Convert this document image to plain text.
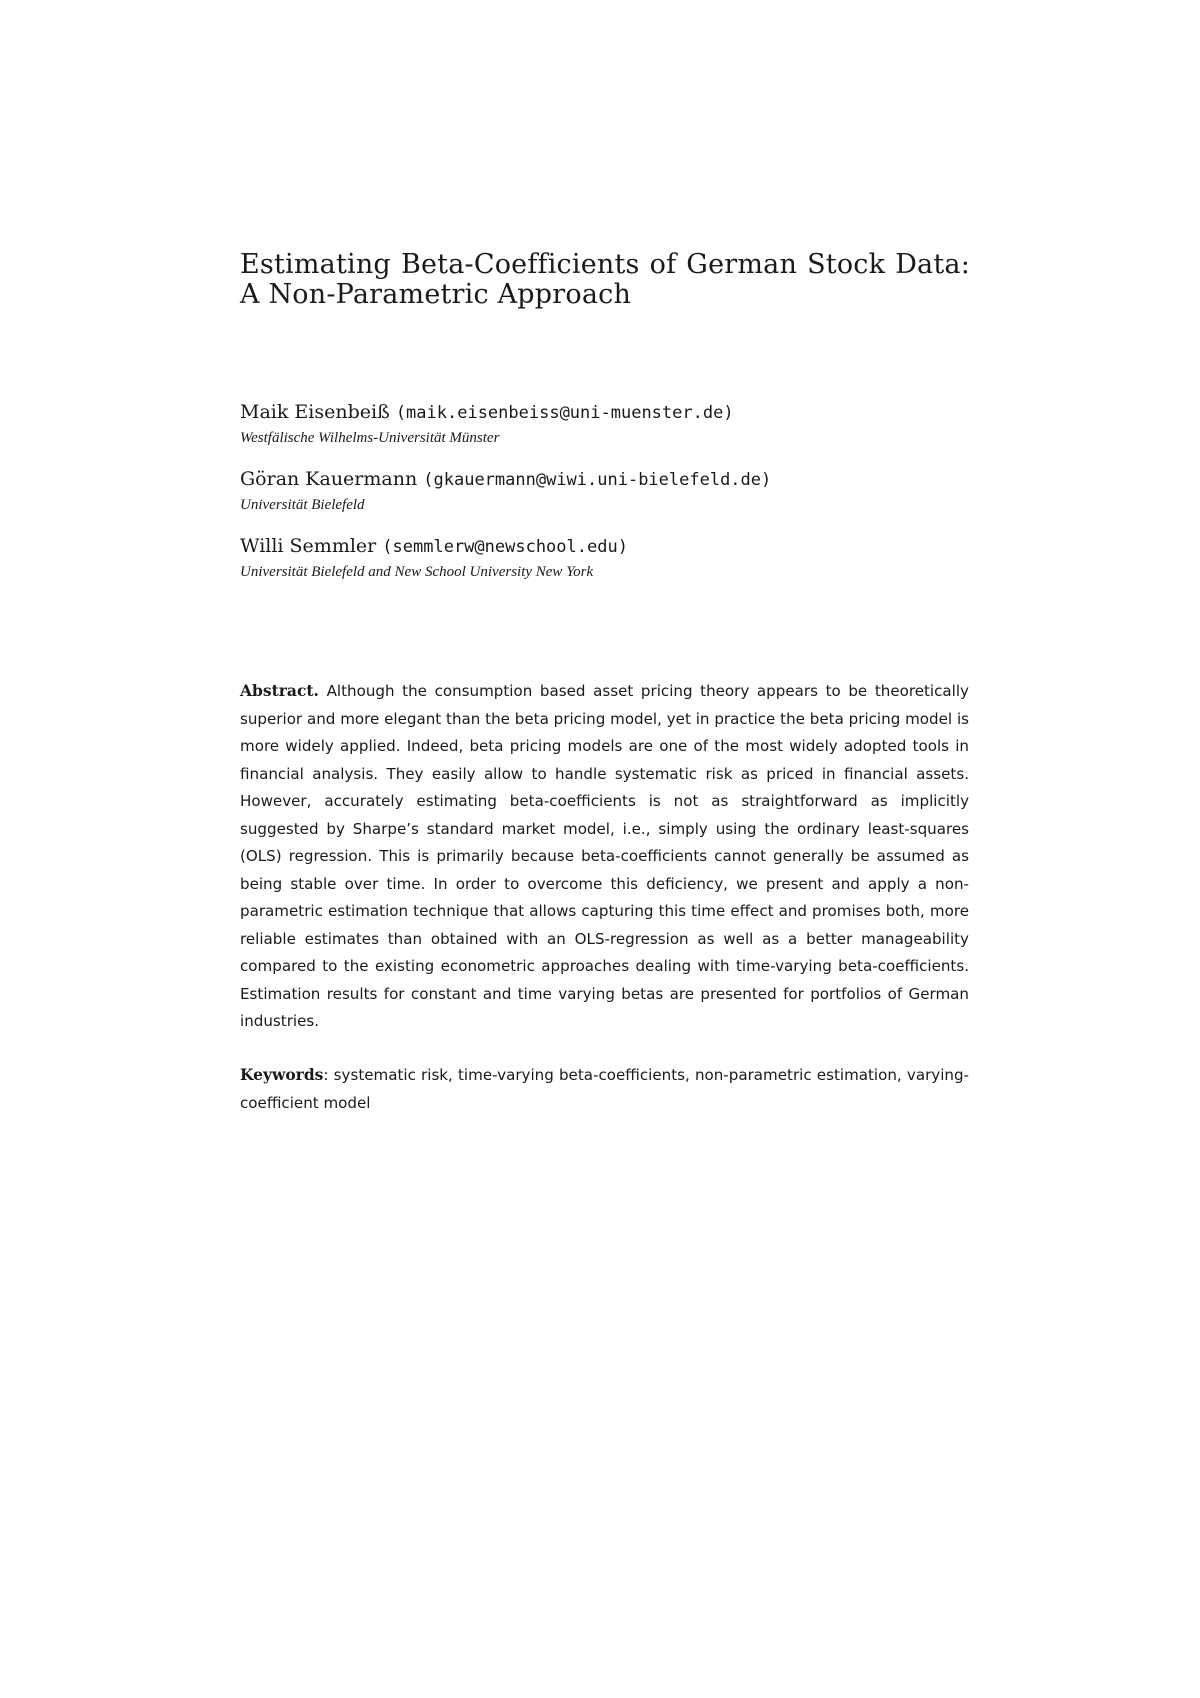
Estimating Beta-Coefficients of German Stock Data: A Non-Parametric Approach
Maik Eisenbeiß (maik.eisenbeiss@uni-muenster.de)
Westfälische Wilhelms-Universität Münster
Göran Kauermann (gkauermann@wiwi.uni-bielefeld.de)
Universität Bielefeld
Willi Semmler (semmlerw@newschool.edu)
Universität Bielefeld and New School University New York

Abstract. Although the consumption based asset pricing theory appears to be theoretically superior and more elegant than the beta pricing model, yet in practice the beta pricing model is more widely applied. Indeed, beta pricing models are one of the most widely adopted tools in financial analysis. They easily allow to handle systematic risk as priced in financial assets. However, accurately estimating beta-coefficients is not as straightforward as implicitly suggested by Sharpe’s standard market model, i.e., simply using the ordinary least-squares (OLS) regression. This is primarily because beta-coefficients cannot generally be assumed as being stable over time. In order to overcome this deficiency, we present and apply a non-parametric estimation technique that allows capturing this time effect and promises both, more reliable estimates than obtained with an OLS-regression as well as a better manageability compared to the existing econometric approaches dealing with time-varying beta-coefficients. Estimation results for constant and time varying betas are presented for portfolios of German industries.

Keywords: systematic risk, time-varying beta-coefficients, non-parametric estimation, varying-coefficient model
